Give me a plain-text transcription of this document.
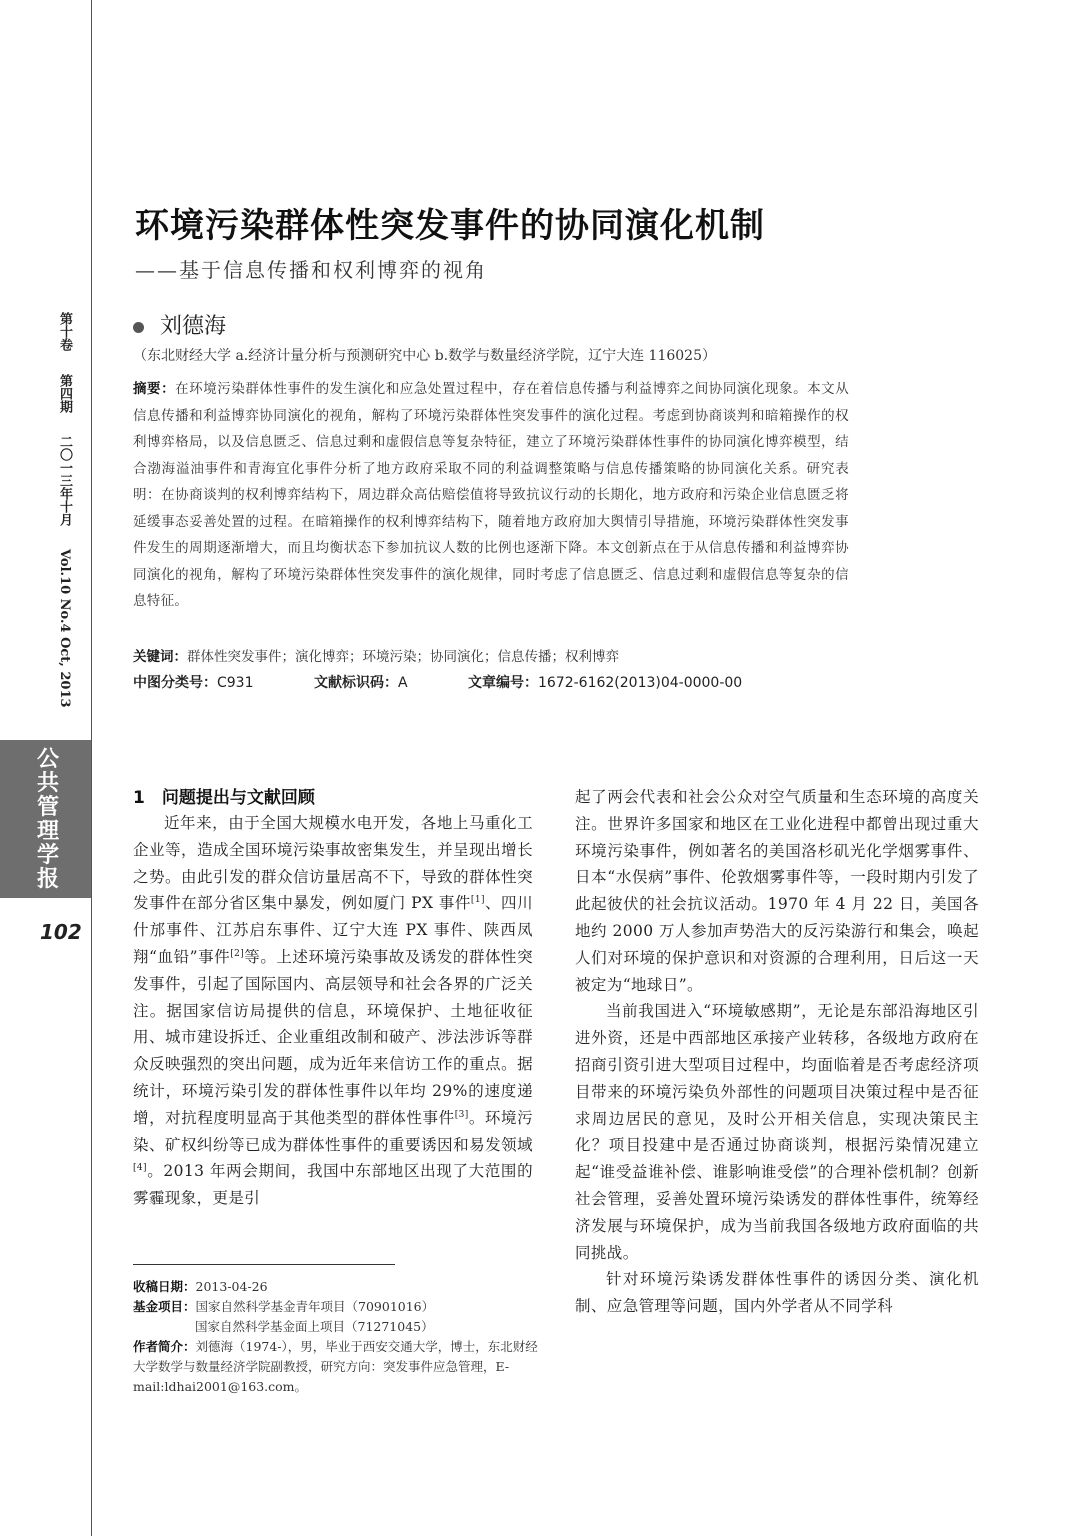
第十卷 第四期 二〇一三年十月 Vol.10 No.4 Oct, 2013
公
共
管
理
学
报
102
环境污染群体性突发事件的协同演化机制
——基于信息传播和权利博弈的视角
刘德海
（东北财经大学 a.经济计量分析与预测研究中心 b.数学与数量经济学院，辽宁大连 116025）
摘要：在环境污染群体性事件的发生演化和应急处置过程中，存在着信息传播与利益博弈之间协同演化现象。本文从信息传播和利益博弈协同演化的视角，解构了环境污染群体性突发事件的演化过程。考虑到协商谈判和暗箱操作的权利博弈格局，以及信息匮乏、信息过剩和虚假信息等复杂特征，建立了环境污染群体性事件的协同演化博弈模型，结合渤海溢油事件和青海宜化事件分析了地方政府采取不同的利益调整策略与信息传播策略的协同演化关系。研究表明：在协商谈判的权利博弈结构下，周边群众高估赔偿值将导致抗议行动的长期化，地方政府和污染企业信息匮乏将延缓事态妥善处置的过程。在暗箱操作的权利博弈结构下，随着地方政府加大舆情引导措施，环境污染群体性突发事件发生的周期逐渐增大，而且均衡状态下参加抗议人数的比例也逐渐下降。本文创新点在于从信息传播和利益博弈协同演化的视角，解构了环境污染群体性突发事件的演化规律，同时考虑了信息匮乏、信息过剩和虚假信息等复杂的信息特征。
关键词：群体性突发事件；演化博弈；环境污染；协同演化；信息传播；权利博弈
中图分类号：C931	文献标识码：A	文章编号：1672-6162(2013)04-0000-00
1　问题提出与文献回顾

近年来，由于全国大规模水电开发，各地上马重化工企业等，造成全国环境污染事故密集发生，并呈现出增长之势。由此引发的群众信访量居高不下，导致的群体性突发事件在部分省区集中暴发，例如厦门 PX 事件[1]、四川什邡事件、江苏启东事件、辽宁大连 PX 事件、陕西凤翔“血铅”事件[2]等。上述环境污染事故及诱发的群体性突发事件，引起了国际国内、高层领导和社会各界的广泛关注。据国家信访局提供的信息，环境保护、土地征收征用、城市建设拆迁、企业重组改制和破产、涉法涉诉等群众反映强烈的突出问题，成为近年来信访工作的重点。据统计，环境污染引发的群体性事件以年均 29%的速度递增，对抗程度明显高于其他类型的群体性事件[3]。环境污染、矿权纠纷等已成为群体性事件的重要诱因和易发领域[4]。2013 年两会期间，我国中东部地区出现了大范围的雾霾现象，更是引

起了两会代表和社会公众对空气质量和生态环境的高度关注。世界许多国家和地区在工业化进程中都曾出现过重大环境污染事件，例如著名的美国洛杉矶光化学烟雾事件、日本“水俣病”事件、伦敦烟雾事件等，一段时期内引发了此起彼伏的社会抗议活动。1970 年 4 月 22 日，美国各地约 2000 万人参加声势浩大的反污染游行和集会，唤起人们对环境的保护意识和对资源的合理利用，日后这一天被定为“地球日”。

当前我国进入“环境敏感期”，无论是东部沿海地区引进外资，还是中西部地区承接产业转移，各级地方政府在招商引资引进大型项目过程中，均面临着是否考虑经济项目带来的环境污染负外部性的问题项目决策过程中是否征求周边居民的意见，及时公开相关信息，实现决策民主化？项目投建中是否通过协商谈判，根据污染情况建立起“谁受益谁补偿、谁影响谁受偿”的合理补偿机制？创新社会管理，妥善处置环境污染诱发的群体性事件，统筹经济发展与环境保护，成为当前我国各级地方政府面临的共同挑战。

针对环境污染诱发群体性事件的诱因分类、演化机制、应急管理等问题，国内外学者从不同学科

收稿日期：2013-04-26
基金项目：国家自然科学基金青年项目（70901016）
国家自然科学基金面上项目（71271045）
作者简介：刘德海（1974-），男，毕业于西安交通大学，博士，东北财经大学数学与数量经济学院副教授，研究方向：突发事件应急管理，E-mail:ldhai2001@163.com。
